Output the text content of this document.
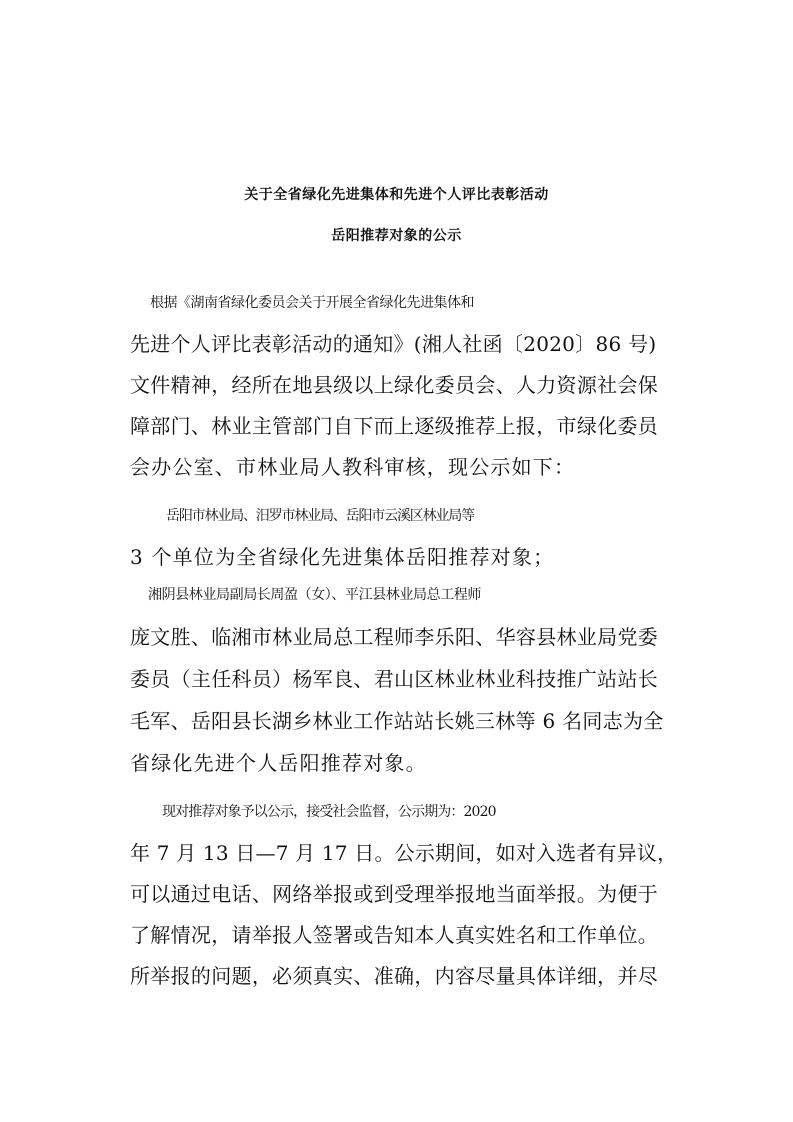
关于全省绿化先进集体和先进个人评比表彰活动
岳阳推荐对象的公示
根据《湖南省绿化委员会关于开展全省绿化先进集体和
先进个人评比表彰活动的通知》(湘人社函〔2020〕86 号)
文件精神，经所在地县级以上绿化委员会、人力资源社会保
障部门、林业主管部门自下而上逐级推荐上报，市绿化委员
会办公室、市林业局人教科审核，现公示如下：
岳阳市林业局、汨罗市林业局、岳阳市云溪区林业局等
3 个单位为全省绿化先进集体岳阳推荐对象；
湘阴县林业局副局长周盈（女）、平江县林业局总工程师
庞文胜、临湘市林业局总工程师李乐阳、华容县林业局党委
委员（主任科员）杨军良、君山区林业林业科技推广站站长
毛军、岳阳县长湖乡林业工作站站长姚三林等 6 名同志为全
省绿化先进个人岳阳推荐对象。
现对推荐对象予以公示，接受社会监督，公示期为：2020
年 7 月 13 日—7 月 17 日。公示期间，如对入选者有异议，
可以通过电话、网络举报或到受理举报地当面举报。为便于
了解情况，请举报人签署或告知本人真实姓名和工作单位。
所举报的问题，必须真实、准确，内容尽量具体详细，并尽
